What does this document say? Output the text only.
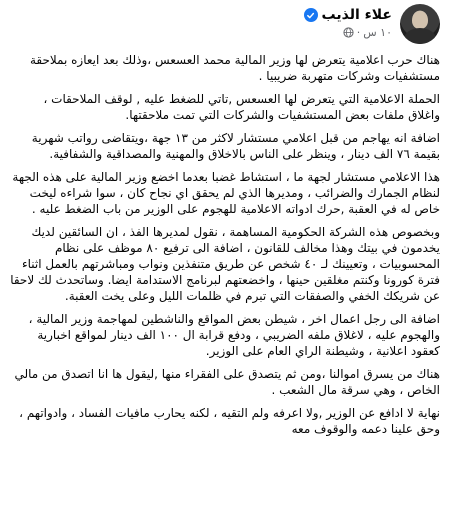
علاء الذيب
١٠ س
·

هناك حرب اعلامية يتعرض لها وزير المالية محمد العسعس ،وذلك بعد ايعازه بملاحقة مستشفيات وشركات متهربة ضريبيا .

الحملة الاعلامية التي يتعرض لها العسعس ,تاتي للضغط عليه , لوقف الملاحقات ، واغلاق ملفات بعض المستشفيات والشركات التي تمت ملاحقتها.

اضافة انه يهاجم من قبل اعلامي مستشار لاكثر من ١٣ جهة ،ويتقاضى رواتب شهرية بقيمة ٧٦ الف دينار ، وينظر على الناس بالاخلاق والمهنية والمصداقية والشفافية.

هذا الاعلامي مستشار لجهة ما ، استشاط غضبا بعدما اخضع وزير المالية على هذه الجهة لنظام الجمارك والضرائب ، ومديرها الذي لم يحقق اي نجاح كان ، سوا شراءه ليخت خاص له في العقبة ,حرك ادواته الاعلامية للهجوم على الوزير من باب الضغط عليه .

وبخصوص هذه الشركة الحكومية المساهمة ، نقول لمديرها الفذ ، ان السائقين لديك يخدمون في بيتك وهذا مخالف للقانون ، اضافة الى ترفيع ٨٠ موظف على نظام المحسوبيات ، وتعيينك لـ ٤٠ شخص عن طريق متنفذين ونواب ومباشرتهم بالعمل اثناء فترة كورونا وكنتم مغلقين حينها ، واخضعتهم لبرنامج الاستدامة ايضا. وساتحدث لك لاحقا عن شريكك الخفي والصفقات التي تبرم في ظلمات الليل وعلى يخت العقبة.

اضافة الى رجل اعمال اخر ، شيطن بعض المواقع والناشطين لمهاجمة وزير المالية ، والهجوم عليه ، لاغلاق ملفه الضريبي ، ودفع قرابة ال ١٠٠ الف دينار لمواقع اخبارية كعقود اعلانية ، وشيطنة الراي العام على الوزير.

هناك من يسرق اموالنا ،ومن ثم يتصدق على الفقراء منها ,ليقول ها انا اتصدق من مالي الخاص ، وهي سرقة مال الشعب .

نهاية لا ادافع عن الوزير ,ولا اعرفه ولم التقيه ، لكنه يحارب مافيات الفساد ، وادواتهم ، وحق علينا دعمه والوقوف معه
